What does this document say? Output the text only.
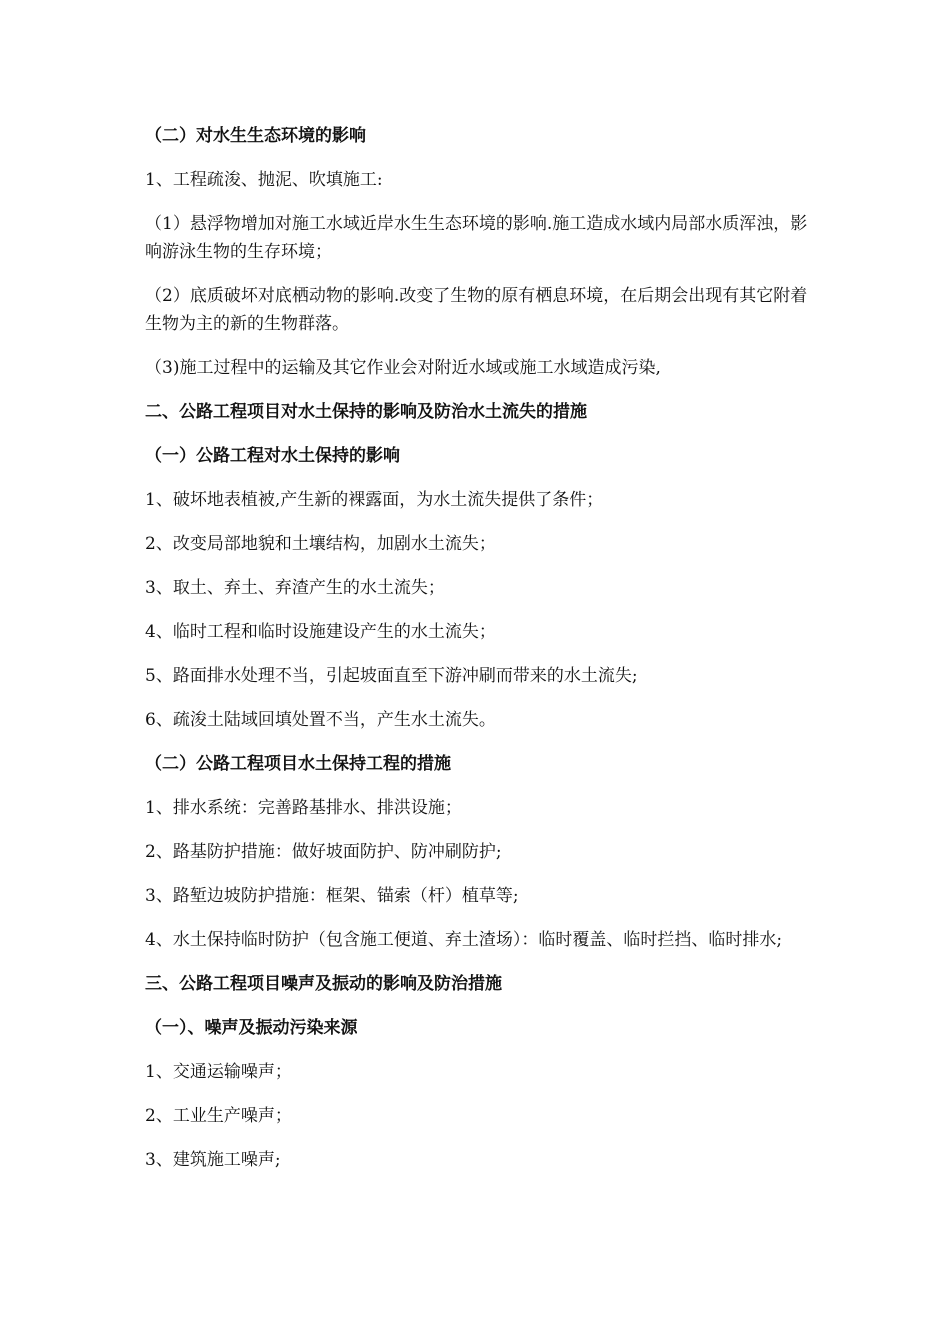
（二）对水生生态环境的影响

1、工程疏浚、抛泥、吹填施工:

（1）悬浮物增加对施工水域近岸水生生态环境的影响.施工造成水域内局部水质浑浊，影响游泳生物的生存环境；

（2）底质破坏对底栖动物的影响.改变了生物的原有栖息环境，在后期会出现有其它附着生物为主的新的生物群落。

（3)施工过程中的运输及其它作业会对附近水域或施工水域造成污染,

二、公路工程项目对水土保持的影响及防治水土流失的措施

（一）公路工程对水土保持的影响

1、破坏地表植被,产生新的裸露面，为水土流失提供了条件；

2、改变局部地貌和土壤结构，加剧水土流失；

3、取土、弃土、弃渣产生的水土流失；

4、临时工程和临时设施建设产生的水土流失；

5、路面排水处理不当，引起坡面直至下游冲刷而带来的水土流失;

6、疏浚土陆域回填处置不当，产生水土流失。

（二）公路工程项目水土保持工程的措施

1、排水系统：完善路基排水、排洪设施；

2、路基防护措施：做好坡面防护、防冲刷防护;

3、路堑边坡防护措施：框架、锚索（杆）植草等;

4、水土保持临时防护（包含施工便道、弃土渣场）：临时覆盖、临时拦挡、临时排水;

三、公路工程项目噪声及振动的影响及防治措施

（一）、噪声及振动污染来源

1、交通运输噪声；

2、工业生产噪声；

3、建筑施工噪声;
